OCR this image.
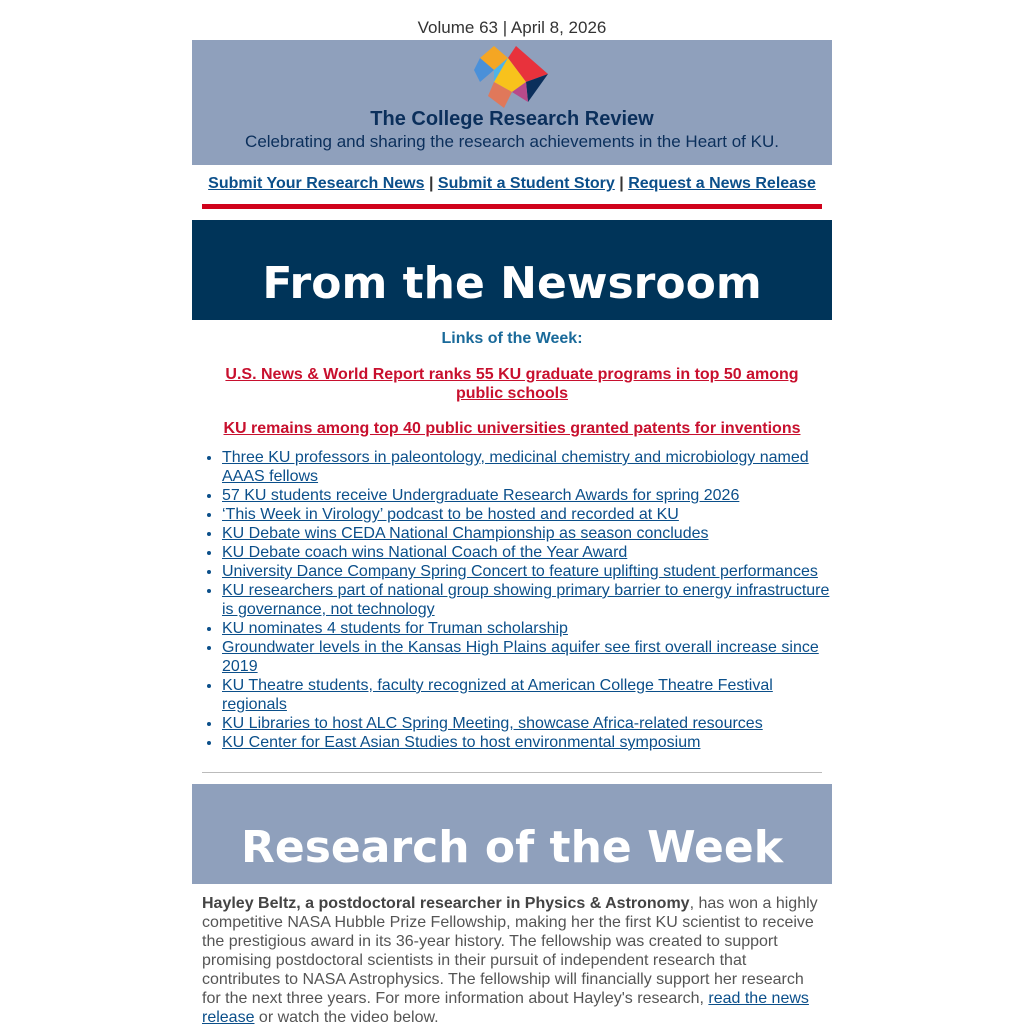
Volume 63 | April 8, 2026
The College Research Review
Celebrating and sharing the research achievements in the Heart of KU.
Submit Your Research News | Submit a Student Story | Request a News Release
From the Newsroom
Links of the Week:
U.S. News & World Report ranks 55 KU graduate programs in top 50 among public schools
KU remains among top 40 public universities granted patents for inventions
• Three KU professors in paleontology, medicinal chemistry and microbiology named AAAS fellows
• 57 KU students receive Undergraduate Research Awards for spring 2026
• ‘This Week in Virology’ podcast to be hosted and recorded at KU
• KU Debate wins CEDA National Championship as season concludes
• KU Debate coach wins National Coach of the Year Award
• University Dance Company Spring Concert to feature uplifting student performances
• KU researchers part of national group showing primary barrier to energy infrastructure is governance, not technology
• KU nominates 4 students for Truman scholarship
• Groundwater levels in the Kansas High Plains aquifer see first overall increase since 2019
• KU Theatre students, faculty recognized at American College Theatre Festival regionals
• KU Libraries to host ALC Spring Meeting, showcase Africa-related resources
• KU Center for East Asian Studies to host environmental symposium
Research of the Week
Hayley Beltz, a postdoctoral researcher in Physics & Astronomy, has won a highly competitive NASA Hubble Prize Fellowship, making her the first KU scientist to receive the prestigious award in its 36-year history. The fellowship was created to support promising postdoctoral scientists in their pursuit of independent research that contributes to NASA Astrophysics. The fellowship will financially support her research for the next three years. For more information about Hayley's research, read the news release or watch the video below.
